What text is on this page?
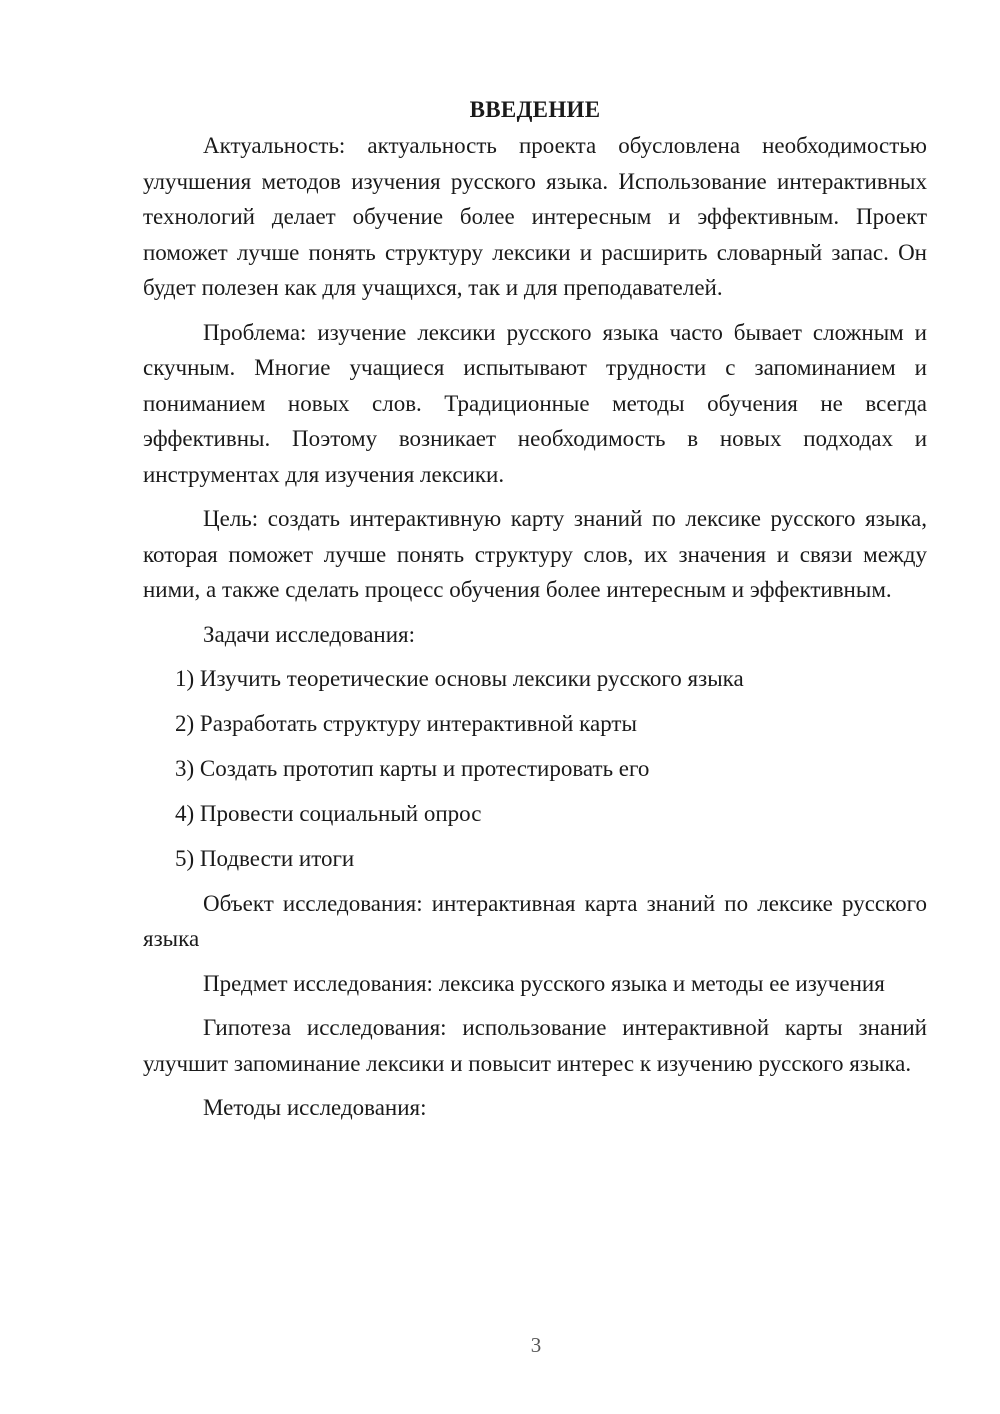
ВВЕДЕНИЕ

Актуальность: актуальность проекта обусловлена необходимостью улучшения методов изучения русского языка. Использование интерактивных технологий делает обучение более интересным и эффективным. Проект поможет лучше понять структуру лексики и расширить словарный запас. Он будет полезен как для учащихся, так и для преподавателей.

Проблема: изучение лексики русского языка часто бывает сложным и скучным. Многие учащиеся испытывают трудности с запоминанием и пониманием новых слов. Традиционные методы обучения не всегда эффективны. Поэтому возникает необходимость в новых подходах и инструментах для изучения лексики.

Цель: создать интерактивную карту знаний по лексике русского языка, которая поможет лучше понять структуру слов, их значения и связи между ними, а также сделать процесс обучения более интересным и эффективным.

Задачи исследования:

1) Изучить теоретические основы лексики русского языка
2) Разработать структуру интерактивной карты
3) Создать прототип карты и протестировать его
4) Провести социальный опрос
5) Подвести итоги

Объект исследования: интерактивная карта знаний по лексике русского языка

Предмет исследования: лексика русского языка и методы ее изучения

Гипотеза исследования: использование интерактивной карты знаний улучшит запоминание лексики и повысит интерес к изучению русского языка.

Методы исследования:

3
